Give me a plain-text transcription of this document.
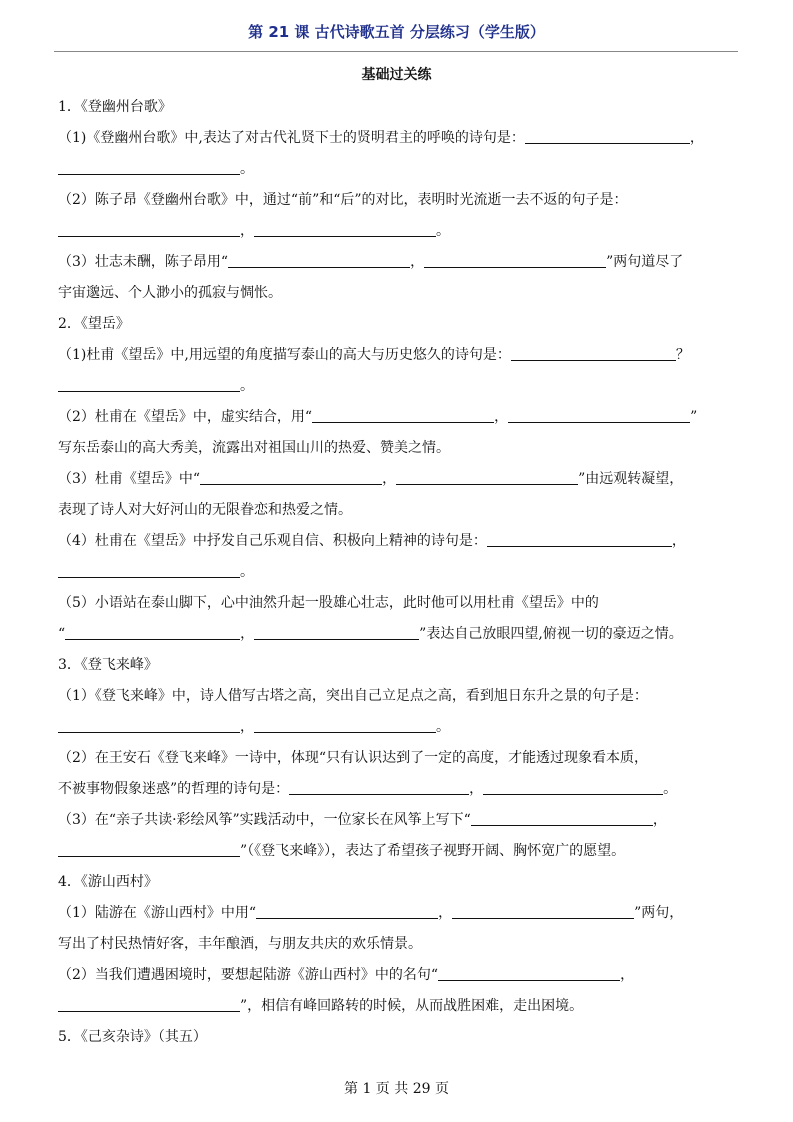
第 21 课 古代诗歌五首 分层练习（学生版）
基础过关练
1．《登幽州台歌》
（1)《登幽州台歌》中,表达了对古代礼贤下士的贤明君主的呼唤的诗句是：	，
。
（2）陈子昂《登幽州台歌》中，通过“前”和“后”的对比，表明时光流逝一去不返的句子是：
，	。
（3）壮志未酬，陈子昂用“	，	”两句道尽了
宇宙邈远、个人渺小的孤寂与惆怅。
2．《望岳》
（1)杜甫《望岳》中,用远望的角度描写泰山的高大与历史悠久的诗句是：	？
。
（2）杜甫在《望岳》中，虚实结合，用“	，	”
写东岳泰山的高大秀美，流露出对祖国山川的热爱、赞美之情。
（3）杜甫《望岳》中“	，	”由远观转凝望，
表现了诗人对大好河山的无限眷恋和热爱之情。
（4）杜甫在《望岳》中抒发自己乐观自信、积极向上精神的诗句是：	，
。
（5）小语站在泰山脚下，心中油然升起一股雄心壮志，此时他可以用杜甫《望岳》中的
“	，	”表达自己放眼四望,俯视一切的豪迈之情。
3．《登飞来峰》
（1）《登飞来峰》中，诗人借写古塔之高，突出自己立足点之高，看到旭日东升之景的句子是：
，	。
（2）在王安石《登飞来峰》一诗中，体现“只有认识达到了一定的高度，才能透过现象看本质，
不被事物假象迷惑”的哲理的诗句是：	，	。
（3）在“亲子共读·彩绘风筝”实践活动中，一位家长在风筝上写下“	，
”（《登飞来峰》），表达了希望孩子视野开阔、胸怀宽广的愿望。
4．《游山西村》
（1）陆游在《游山西村》中用“	，	”两句，
写出了村民热情好客，丰年酿酒，与朋友共庆的欢乐情景。
（2）当我们遭遇困境时，要想起陆游《游山西村》中的名句“	，
”，相信有峰回路转的时候，从而战胜困难，走出困境。
5．《己亥杂诗》（其五）
第 1 页 共 29 页
